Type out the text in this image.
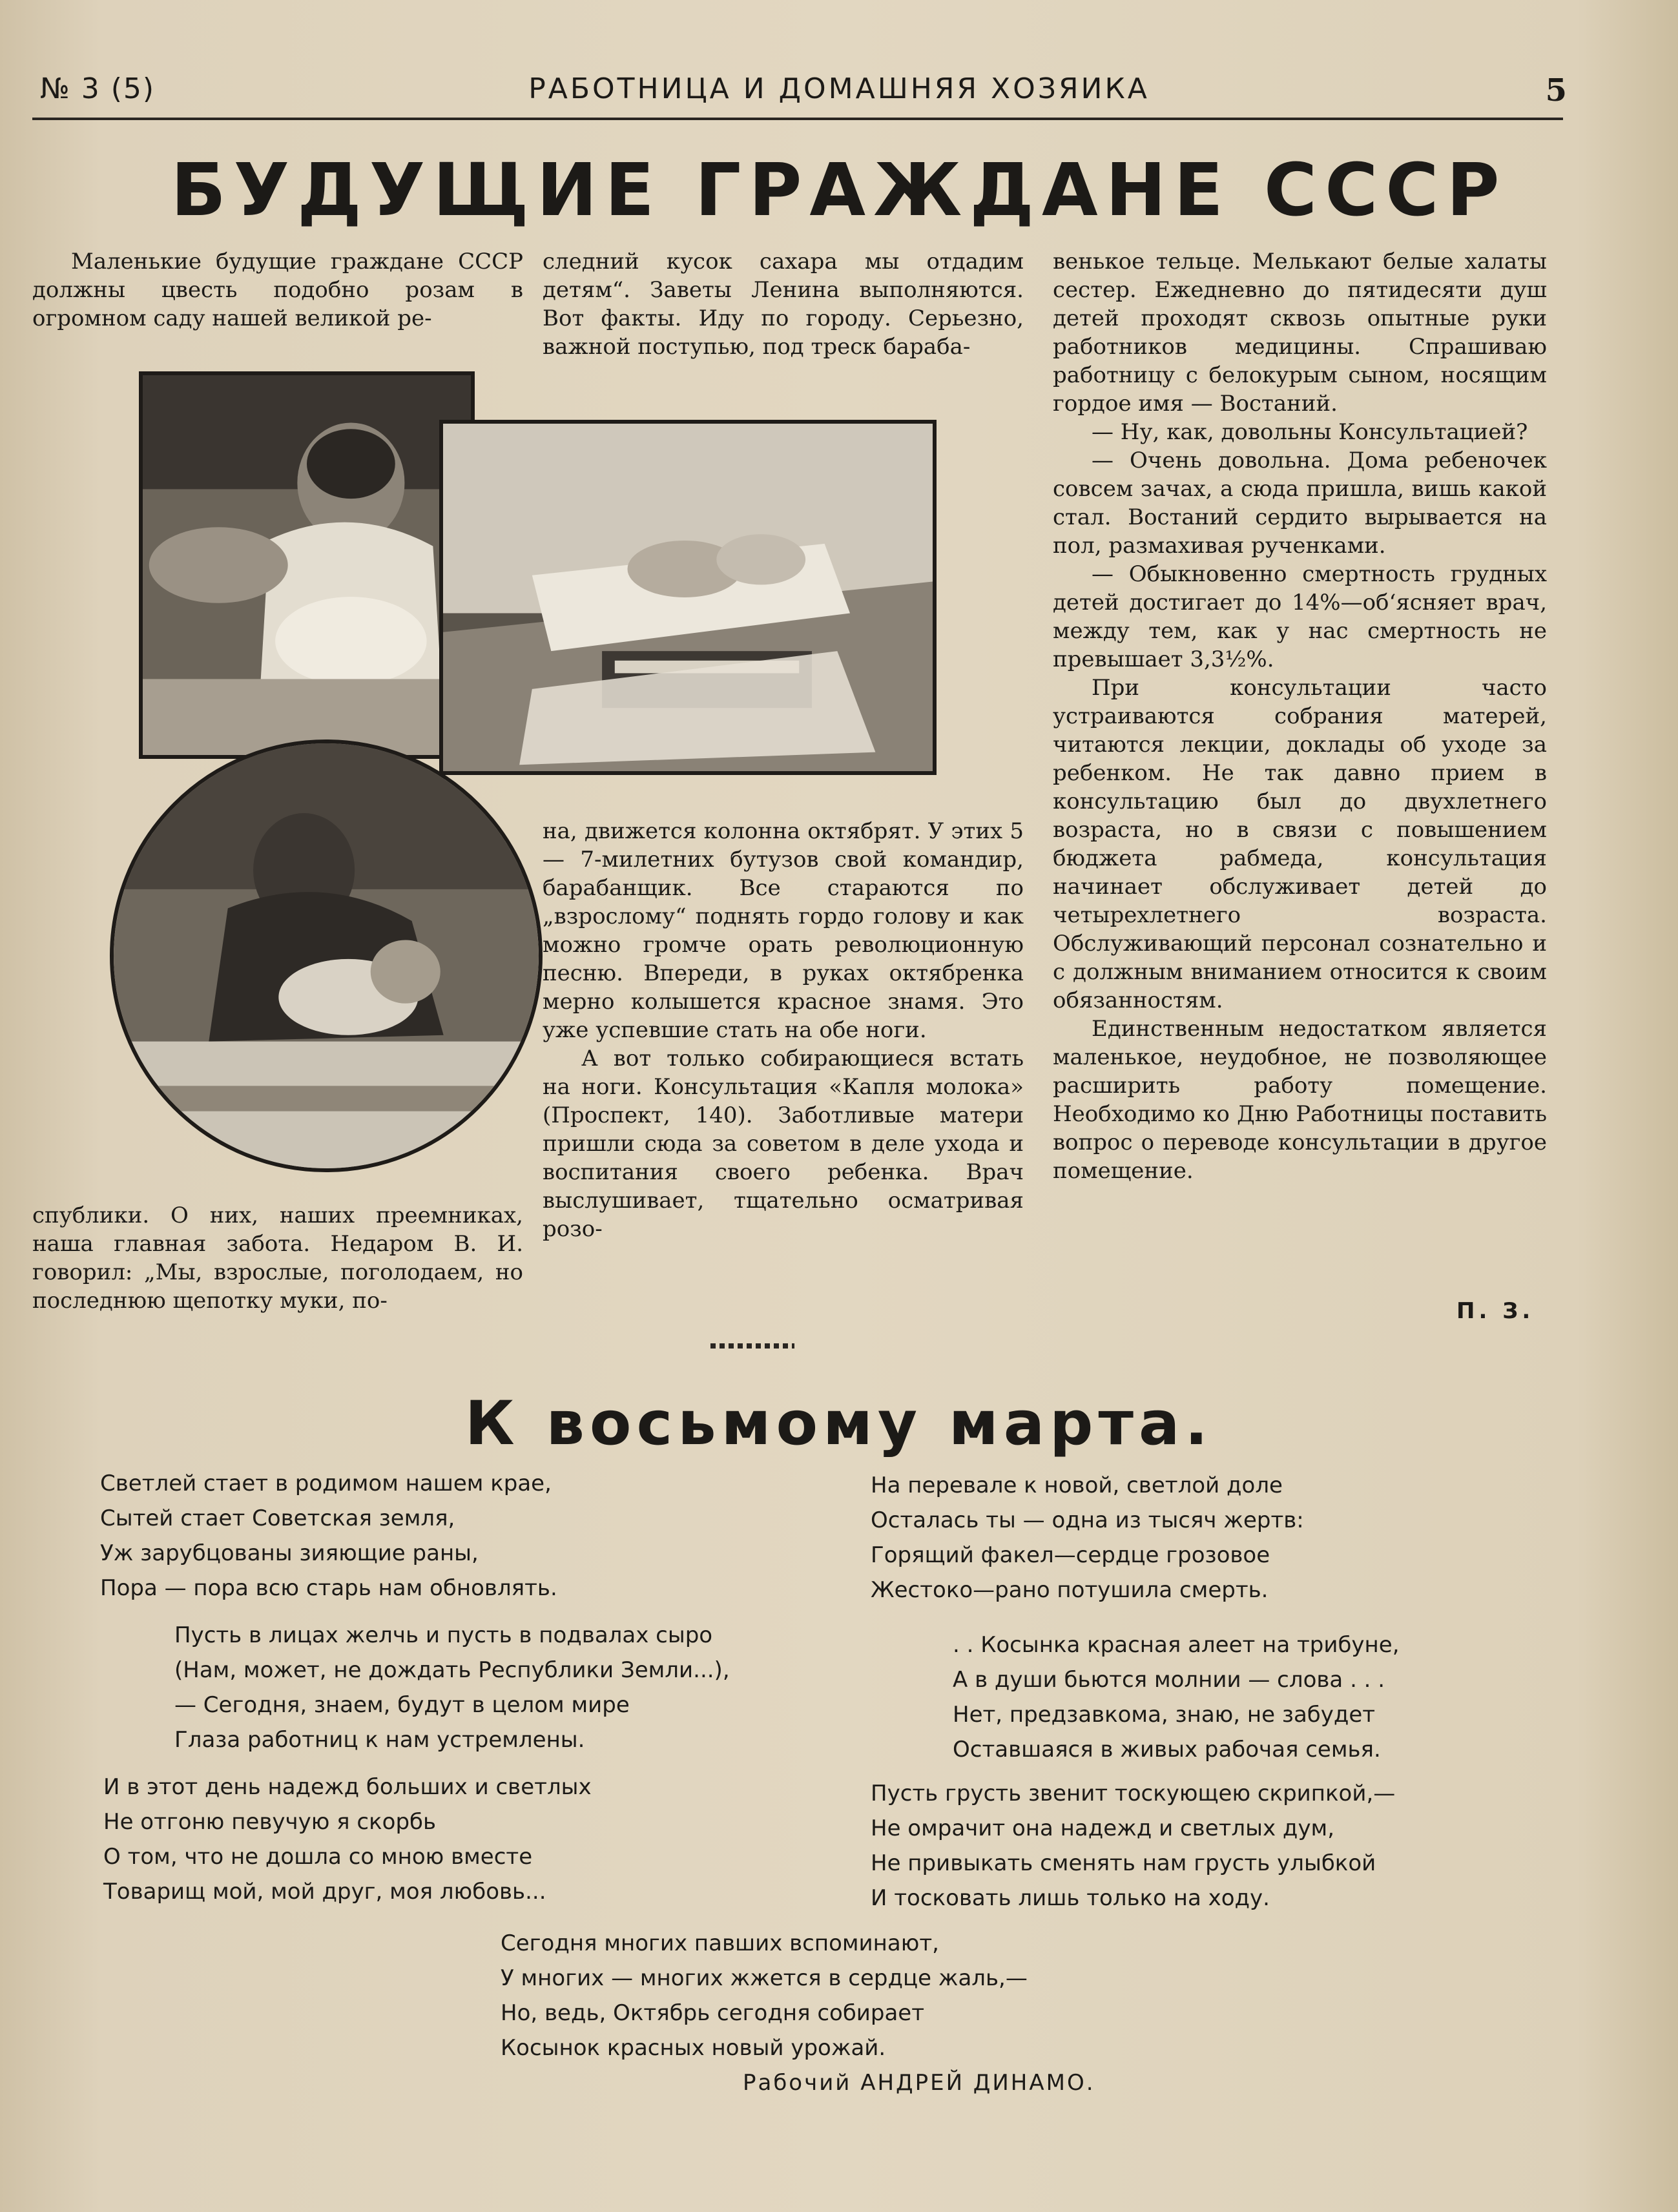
РАБОТНИЦА И ДОМАШНЯЯ ХОЗЯИКА
№ 3 (5)	5
БУДУЩИЕ ГРАЖДАНЕ СССР

Маленькие будущие граждане СССР должны цвесть подобно розам в огромном саду нашей великой ре-

следний кусок сахара мы отдадим детям“. Заветы Ленина выполняются. Вот факты. Иду по городу. Серьезно, важной поступью, под треск бараба-

венькое тельце. Мелькают белые халаты сестер. Ежедневно до пятидесяти душ детей проходят сквозь опытные руки работников медицины. Спрашиваю работницу с белокурым сыном, носящим гордое имя — Востаний.

— Ну, как, довольны Консультацией?

— Очень довольна. Дома ребеночек совсем зачах, а сюда пришла, вишь какой стал. Востаний сердито вырывается на пол, размахивая рученками.

— Обыкновенно смертность грудных детей достигает до 14%—об‘ясняет врач, между тем, как у нас смертность не превышает 3,3½%.

При консультации часто устраиваются собрания матерей, читаются лекции, доклады об уходе за ребенком. Не так давно прием в консультацию был до двухлетнего возраста, но в связи с повышением бюджета рабмеда, консультация начинает обслуживает детей до четырехлетнего возраста. Обслуживающий персонал сознательно и с должным вниманием относится к своим обязанностям.

Единственным недостатком является маленькое, неудобное, не позволяющее расширить работу помещение. Необходимо ко Дню Работницы поставить вопрос о переводе консультации в другое помещение.

спублики. О них, наших преемниках, наша главная забота. Недаром В. И. говорил: „Мы, взрослые, поголодаем, но последнюю щепотку муки, по-

на, движется колонна октябрят. У этих 5 — 7-милетних бутузов свой командир, барабанщик. Все стараются по „взрослому“ поднять гордо голову и как можно громче орать революционную песню. Впереди, в руках октябренка мерно колышется красное знамя. Это уже успевшие стать на обе ноги.

А вот только собирающиеся встать на ноги. Консультация «Капля молока» (Проспект, 140). Заботливые матери пришли сюда за советом в деле ухода и воспитания своего ребенка. Врач выслушивает, тщательно осматривая розо-

П. З.
К восьмому марта.
Светлей стает в родимом нашем крае,
Сытей стает Советская земля,
Уж зарубцованы зияющие раны,
Пора — пора всю старь нам обновлять.
Пусть в лицах желчь и пусть в подвалах сыро
(Нам, может, не дождать Республики Земли...),
— Сегодня, знаем, будут в целом мире
Глаза работниц к нам устремлены.
И в этот день надежд больших и светлых
Не отгоню певучую я скорбь
О том, что не дошла со мною вместе
Товарищ мой, мой друг, моя любовь...
На перевале к новой, светлой доле
Осталась ты — одна из тысяч жертв:
Горящий факел—сердце грозовое
Жестоко—рано потушила смерть.
. . Косынка красная алеет на трибуне,
А в души бьются молнии — слова . . .
Нет, предзавкома, знаю, не забудет
Оставшаяся в живых рабочая семья.
Пусть грусть звенит тоскующею скрипкой,—
Не омрачит она надежд и светлых дум,
Не привыкать сменять нам грусть улыбкой
И тосковать лишь только на ходу.
Сегодня многих павших вспоминают,
У многих — многих жжется в сердце жаль,—
Но, ведь, Октябрь сегодня собирает
Косынок красных новый урожай.
Рабочий АНДРЕЙ ДИНАМО.
